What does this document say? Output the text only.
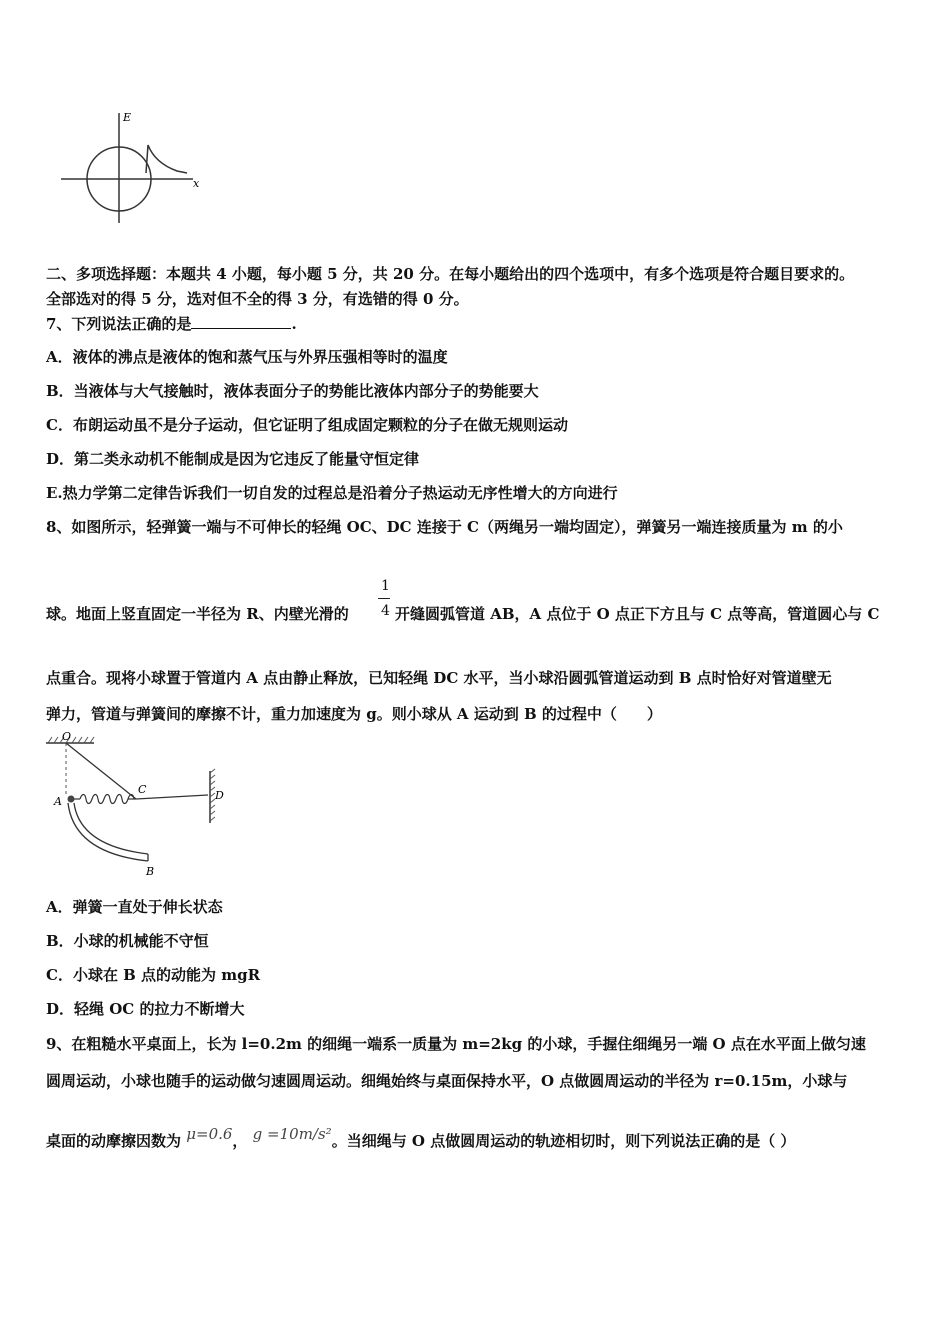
E
x
二、多项选择题：本题共 4 小题，每小题 5 分，共 20 分。在每小题给出的四个选项中，有多个选项是符合题目要求的。
全部选对的得 5 分，选对但不全的得 3 分，有选错的得 0 分。
7、下列说法正确的是	.
A．液体的沸点是液体的饱和蒸气压与外界压强相等时的温度
B．当液体与大气接触时，液体表面分子的势能比液体内部分子的势能要大
C．布朗运动虽不是分子运动，但它证明了组成固定颗粒的分子在做无规则运动
D．第二类永动机不能制成是因为它违反了能量守恒定律
E.热力学第二定律告诉我们一切自发的过程总是沿着分子热运动无序性增大的方向进行
8、如图所示，轻弹簧一端与不可伸长的轻绳 OC、DC 连接于 C（两绳另一端均固定），弹簧另一端连接质量为 m 的小
1
4
球。地面上竖直固定一半径为 R、内壁光滑的	开缝圆弧管道 AB，A 点位于 O 点正下方且与 C 点等高，管道圆心与 C
点重合。现将小球置于管道内 A 点由静止释放，已知轻绳 DC 水平，当小球沿圆弧管道运动到 B 点时恰好对管道壁无
弹力，管道与弹簧间的摩擦不计，重力加速度为 g。则小球从 A 运动到 B 的过程中（　　）
O
A
C	D
B
A．弹簧一直处于伸长状态
B．小球的机械能不守恒
C．小球在 B 点的动能为 mgR
D．轻绳 OC 的拉力不断增大
9、在粗糙水平桌面上，长为 l=0.2m 的细绳一端系一质量为 m=2kg 的小球，手握住细绳另一端 O 点在水平面上做匀速
圆周运动，小球也随手的运动做匀速圆周运动。细绳始终与桌面保持水平，O 点做圆周运动的半径为 r=0.15m，小球与
桌面的动摩擦因数为 μ=0.6， g =10m/s²。当细绳与 O 点做圆周运动的轨迹相切时，则下列说法正确的是（ ）
